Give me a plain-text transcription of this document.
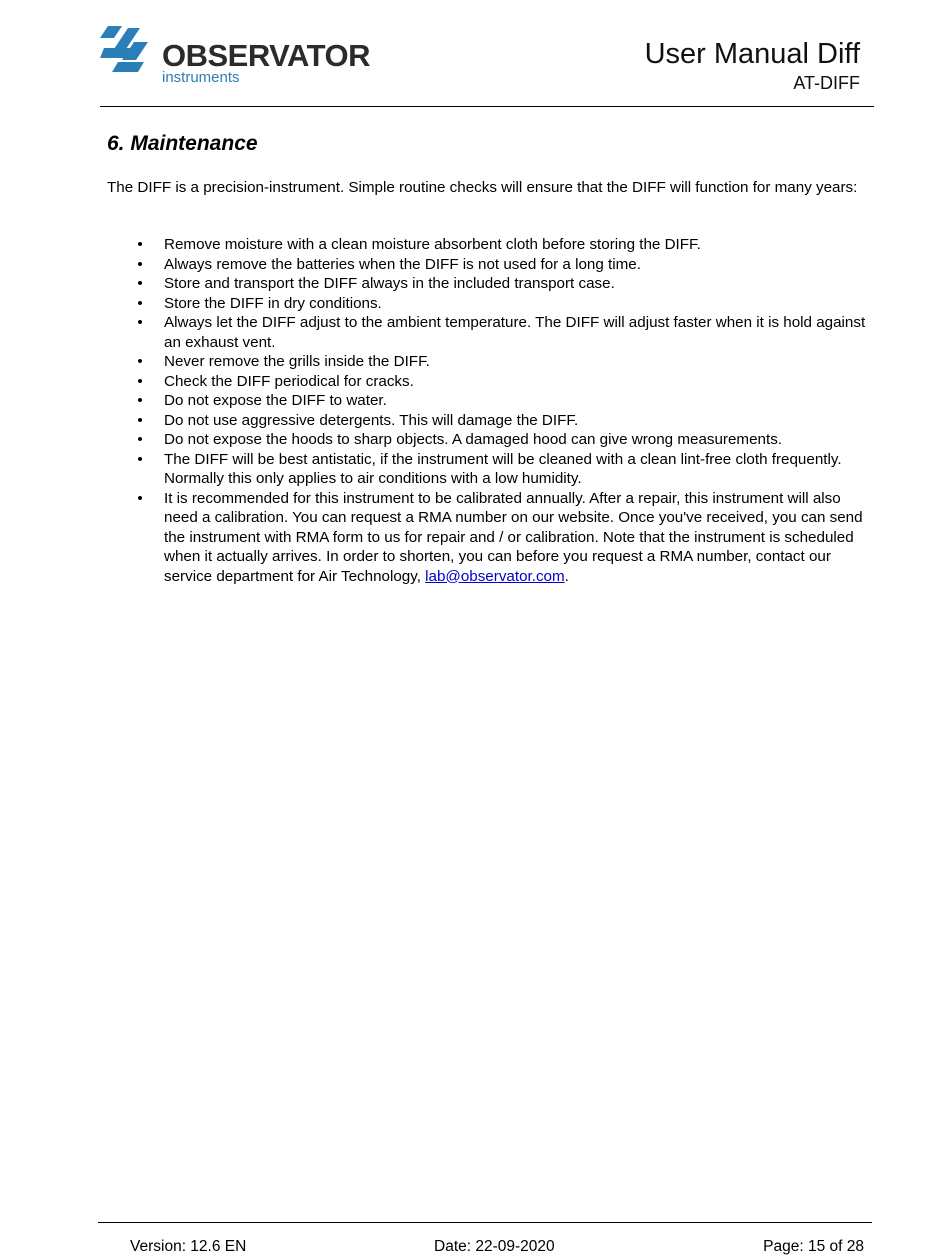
OBSERVATOR
instruments
User Manual Diff
AT-DIFF
6. Maintenance
The DIFF is a precision-instrument. Simple routine checks will ensure that the DIFF will function for many years:
• Remove moisture with a clean moisture absorbent cloth before storing the DIFF.
• Always remove the batteries when the DIFF is not used for a long time.
• Store and transport the DIFF always in the included transport case.
• Store the DIFF in dry conditions.
• Always let the DIFF adjust to the ambient temperature. The DIFF will adjust faster when it is hold against an exhaust vent.
• Never remove the grills inside the DIFF.
• Check the DIFF periodical for cracks.
• Do not expose the DIFF to water.
• Do not use aggressive detergents. This will damage the DIFF.
• Do not expose the hoods to sharp objects. A damaged hood can give wrong measurements.
• The DIFF will be best antistatic, if the instrument will be cleaned with a clean lint-free cloth frequently. Normally this only applies to air conditions with a low humidity.
• It is recommended for this instrument to be calibrated annually. After a repair, this instrument will also need a calibration. You can request a RMA number on our website. Once you've received, you can send the instrument with RMA form to us for repair and / or calibration. Note that the instrument is scheduled when it actually arrives. In order to shorten, you can before you request a RMA number, contact our service department for Air Technology, lab@observator.com.
Version: 12.6 EN	Date: 22-09-2020	Page: 15 of 28
